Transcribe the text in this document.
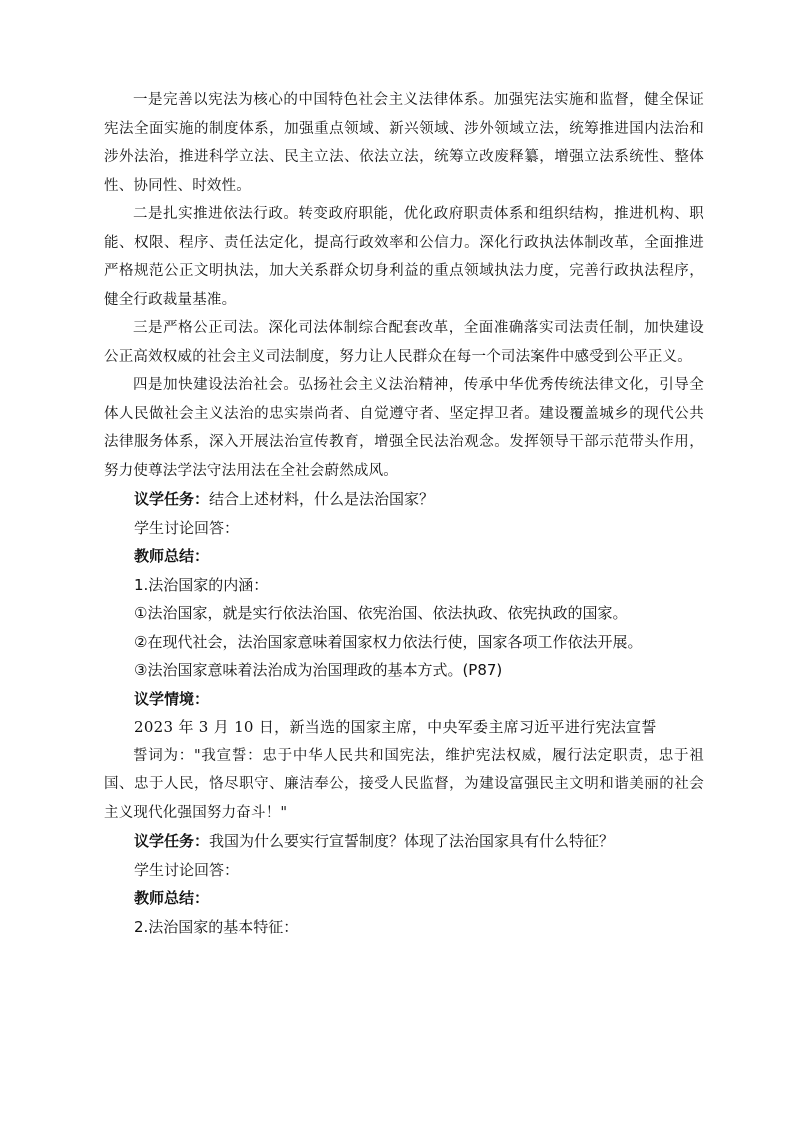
一是完善以宪法为核心的中国特色社会主义法律体系。加强宪法实施和监督，健全保证宪法全面实施的制度体系，加强重点领域、新兴领域、涉外领域立法，统筹推进国内法治和涉外法治，推进科学立法、民主立法、依法立法，统筹立改废释纂，增强立法系统性、整体性、协同性、时效性。

二是扎实推进依法行政。转变政府职能，优化政府职责体系和组织结构，推进机构、职能、权限、程序、责任法定化，提高行政效率和公信力。深化行政执法体制改革，全面推进严格规范公正文明执法，加大关系群众切身利益的重点领域执法力度，完善行政执法程序，健全行政裁量基准。

三是严格公正司法。深化司法体制综合配套改革，全面准确落实司法责任制，加快建设公正高效权威的社会主义司法制度，努力让人民群众在每一个司法案件中感受到公平正义。

四是加快建设法治社会。弘扬社会主义法治精神，传承中华优秀传统法律文化，引导全体人民做社会主义法治的忠实崇尚者、自觉遵守者、坚定捍卫者。建设覆盖城乡的现代公共法律服务体系，深入开展法治宣传教育，增强全民法治观念。发挥领导干部示范带头作用，努力使尊法学法守法用法在全社会蔚然成风。

议学任务：结合上述材料，什么是法治国家？

学生讨论回答：

教师总结：

1.法治国家的内涵：

①法治国家，就是实行依法治国、依宪治国、依法执政、依宪执政的国家。

②在现代社会，法治国家意味着国家权力依法行使，国家各项工作依法开展。

③法治国家意味着法治成为治国理政的基本方式。(P87)

议学情境：

2023 年 3 月 10 日，新当选的国家主席，中央军委主席习近平进行宪法宣誓

誓词为："我宣誓：忠于中华人民共和国宪法，维护宪法权威，履行法定职责，忠于祖国、忠于人民，恪尽职守、廉洁奉公，接受人民监督，为建设富强民主文明和谐美丽的社会主义现代化强国努力奋斗！"

议学任务：我国为什么要实行宣誓制度？体现了法治国家具有什么特征？

学生讨论回答：

教师总结：

2.法治国家的基本特征：
